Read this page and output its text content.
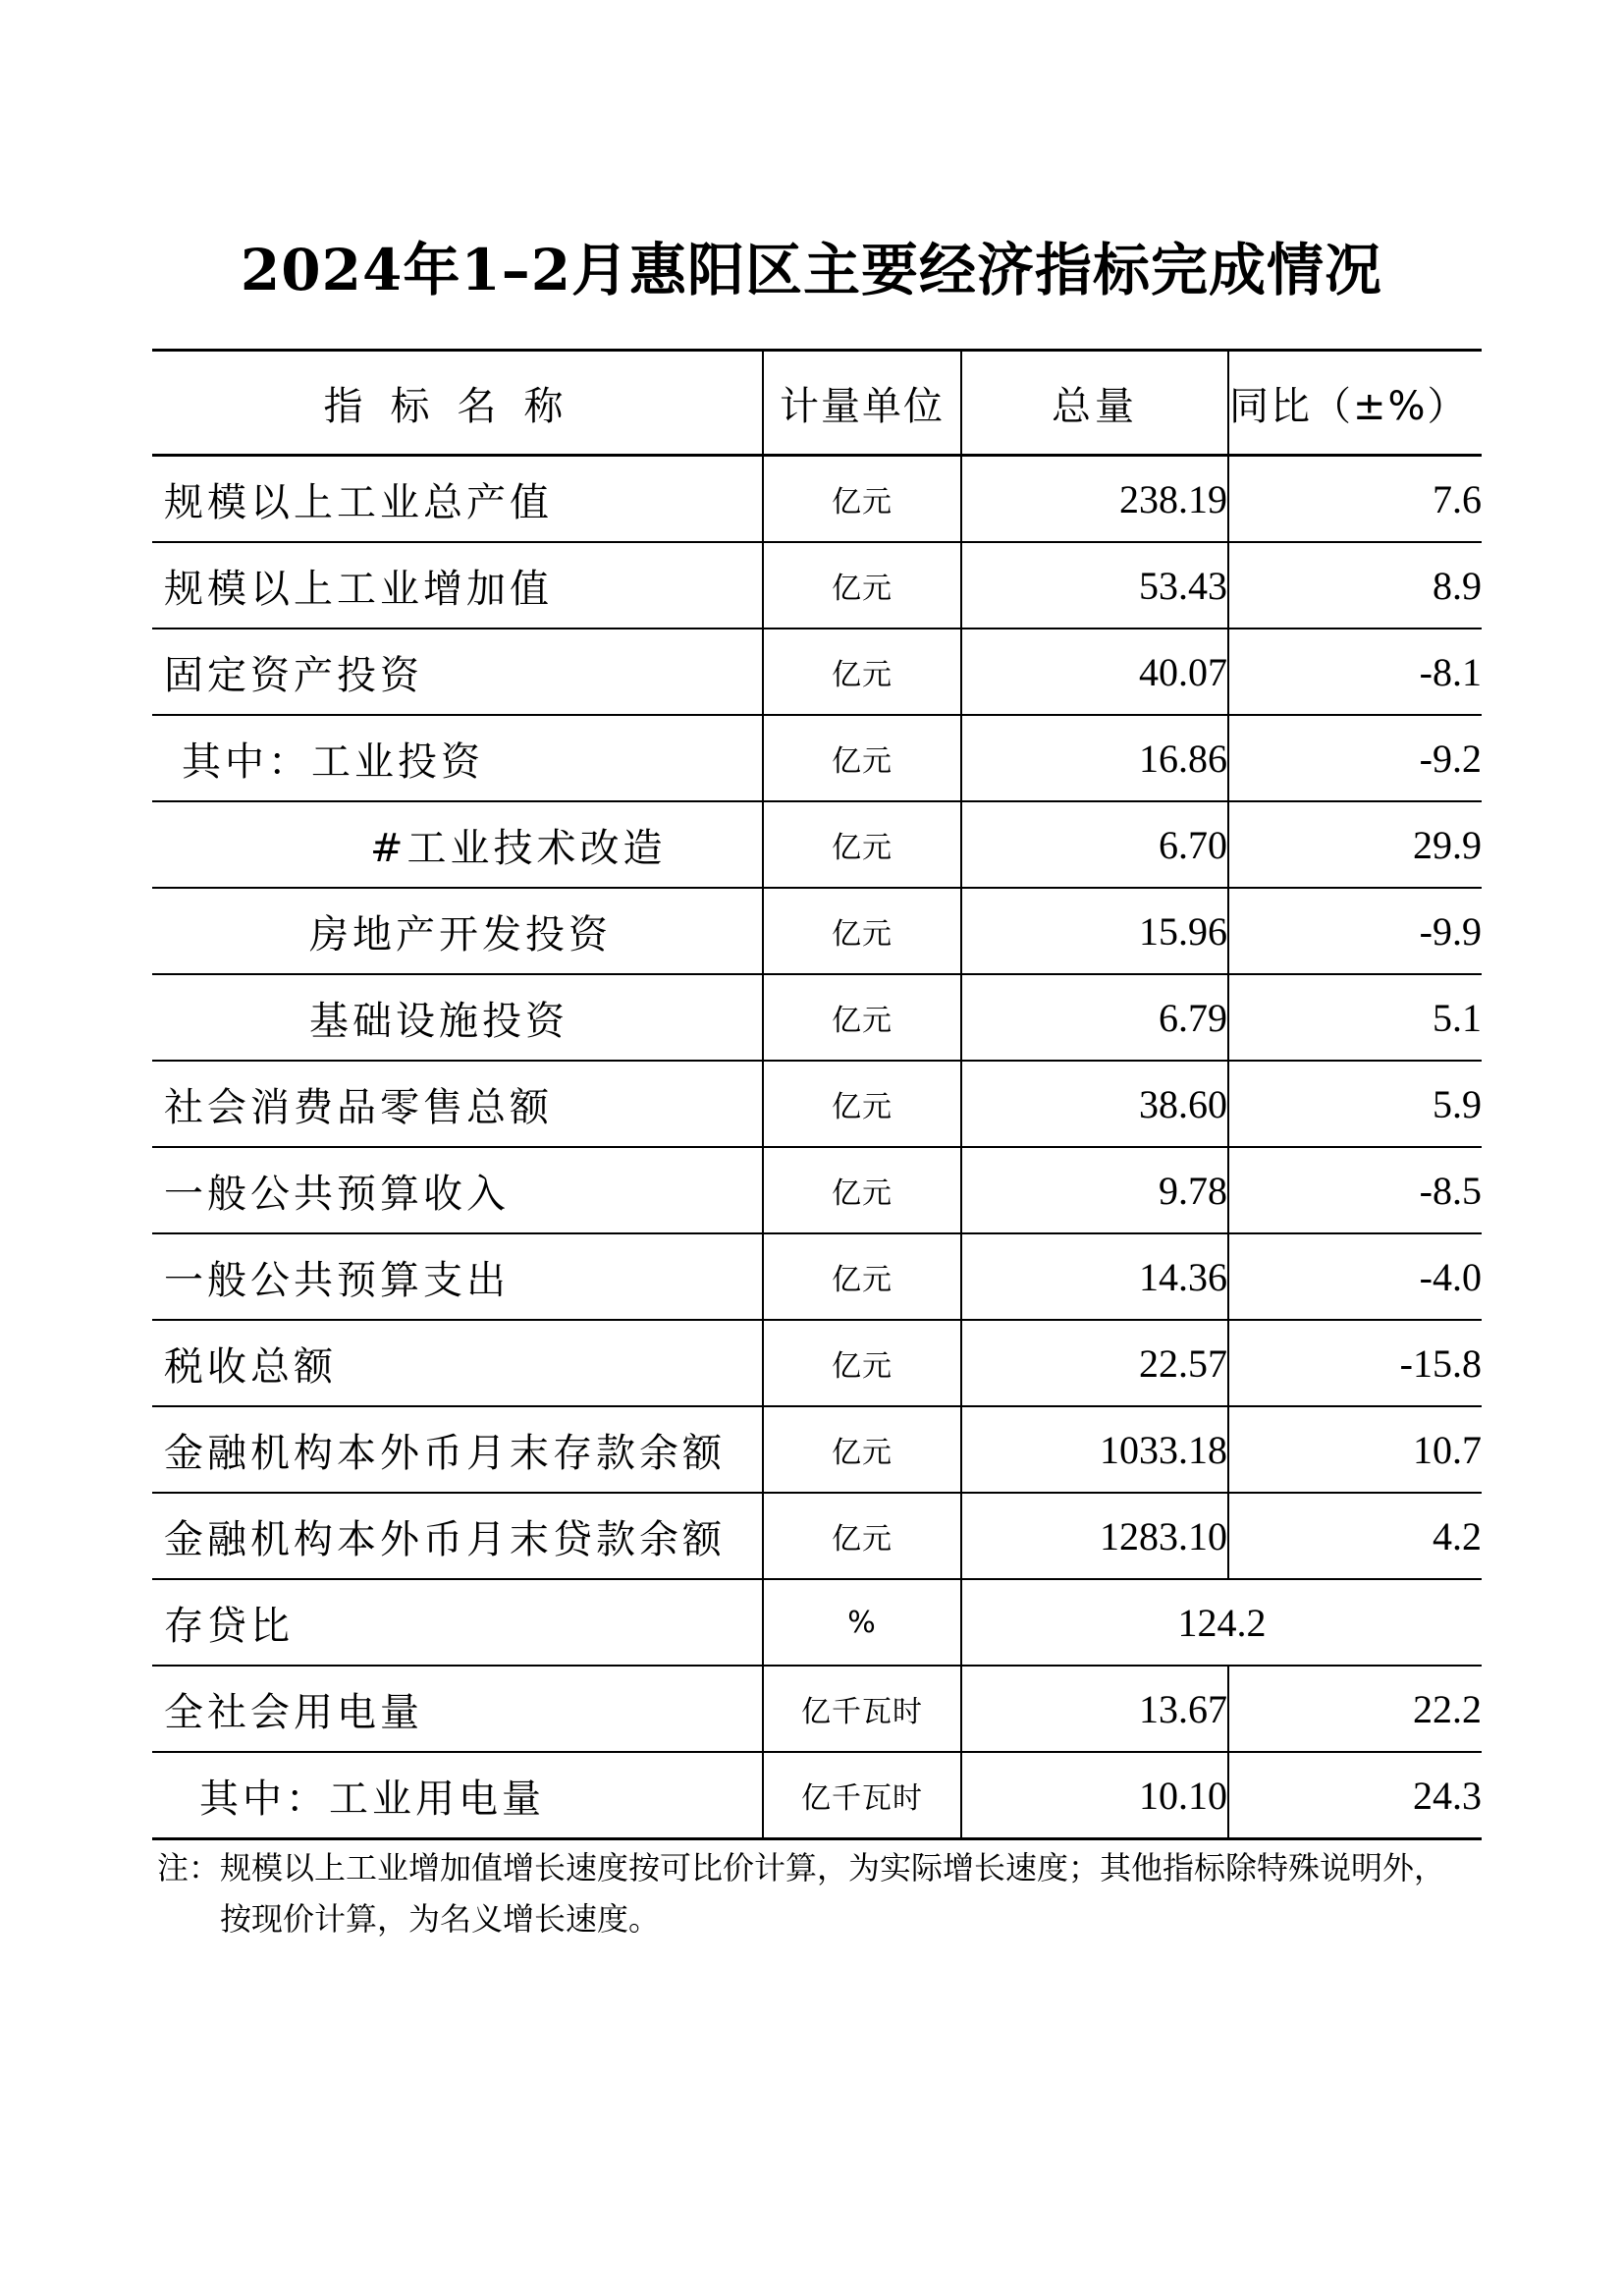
2024年1–2月惠阳区主要经济指标完成情况
指标名称	计量单位	总量	同比（±%）
规模以上工业总产值	亿元	238.19	7.6
规模以上工业增加值	亿元	53.43	8.9
固定资产投资	亿元	40.07	-8.1
其中：工业投资	亿元	16.86	-9.2
#工业技术改造	亿元	6.70	29.9
房地产开发投资	亿元	15.96	-9.9
基础设施投资	亿元	6.79	5.1
社会消费品零售总额	亿元	38.60	5.9
一般公共预算收入	亿元	9.78	-8.5
一般公共预算支出	亿元	14.36	-4.0
税收总额	亿元	22.57	-15.8
金融机构本外币月末存款余额	亿元	1033.18	10.7
金融机构本外币月末贷款余额	亿元	1283.10	4.2
存贷比	%	124.2	
全社会用电量	亿千瓦时	13.67	22.2
其中：工业用电量	亿千瓦时	10.10	24.3
注：规模以上工业增加值增长速度按可比价计算，为实际增长速度；其他指标除特殊说明外，
按现价计算，为名义增长速度。
